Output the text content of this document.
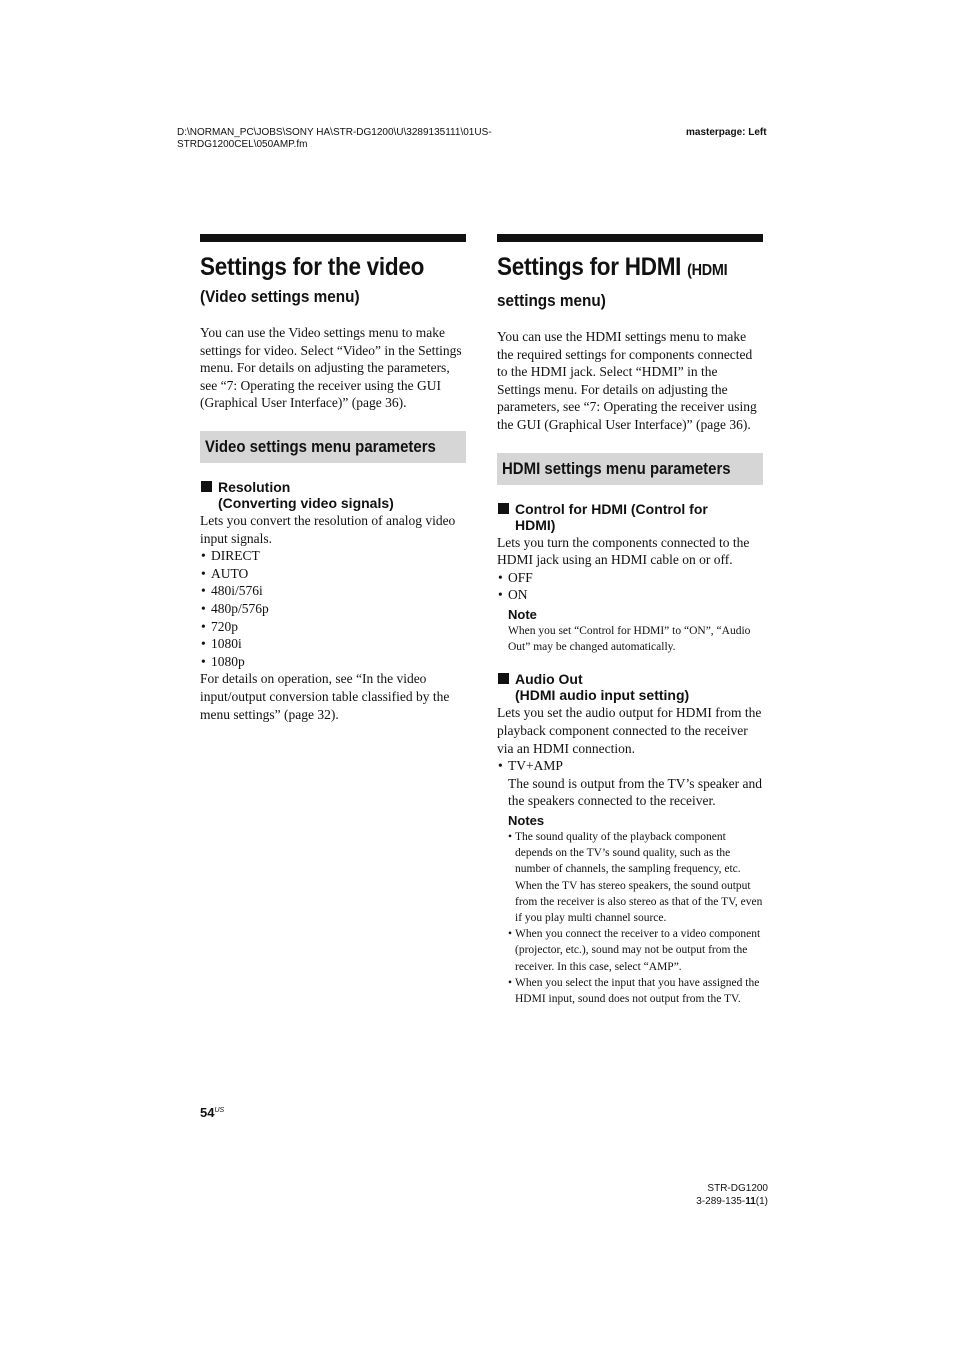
D:\NORMAN_PC\JOBS\SONY HA\STR-DG1200\U\3289135111\01US-
STRDG1200CEL\050AMP.fm
masterpage: Left
Settings for the video
(Video settings menu)

You can use the Video settings menu to make settings for video. Select “Video” in the Settings menu. For details on adjusting the parameters, see “7: Operating the receiver using the GUI (Graphical User Interface)” (page 36).

Video settings menu parameters
Resolution
(Converting video signals)

Lets you convert the resolution of analog video input signals.

• DIRECT
• AUTO
• 480i/576i
• 480p/576p
• 720p
• 1080i
• 1080p

For details on operation, see “In the video input/output conversion table classified by the menu settings” (page 32).

Settings for HDMI (HDMI
settings menu)

You can use the HDMI settings menu to make the required settings for components connected to the HDMI jack. Select “HDMI” in the Settings menu. For details on adjusting the parameters, see “7: Operating the receiver using the GUI (Graphical User Interface)” (page 36).

HDMI settings menu parameters
Control for HDMI (Control for
HDMI)

Lets you turn the components connected to the HDMI jack using an HDMI cable on or off.

• OFF
• ON
Note

When you set “Control for HDMI” to “ON”, “Audio Out” may be changed automatically.

Audio Out
(HDMI audio input setting)

Lets you set the audio output for HDMI from the playback component connected to the receiver via an HDMI connection.

• TV+AMP

The sound is output from the TV’s speaker and the speakers connected to the receiver.

Notes
• The sound quality of the playback component depends on the TV’s sound quality, such as the number of channels, the sampling frequency, etc. When the TV has stereo speakers, the sound output from the receiver is also stereo as that of the TV, even if you play multi channel source.
• When you connect the receiver to a video component (projector, etc.), sound may not be output from the receiver. In this case, select “AMP”.
• When you select the input that you have assigned the HDMI input, sound does not output from the TV.
$54^{US}$
STR-DG1200
3-289-135-11(1)
